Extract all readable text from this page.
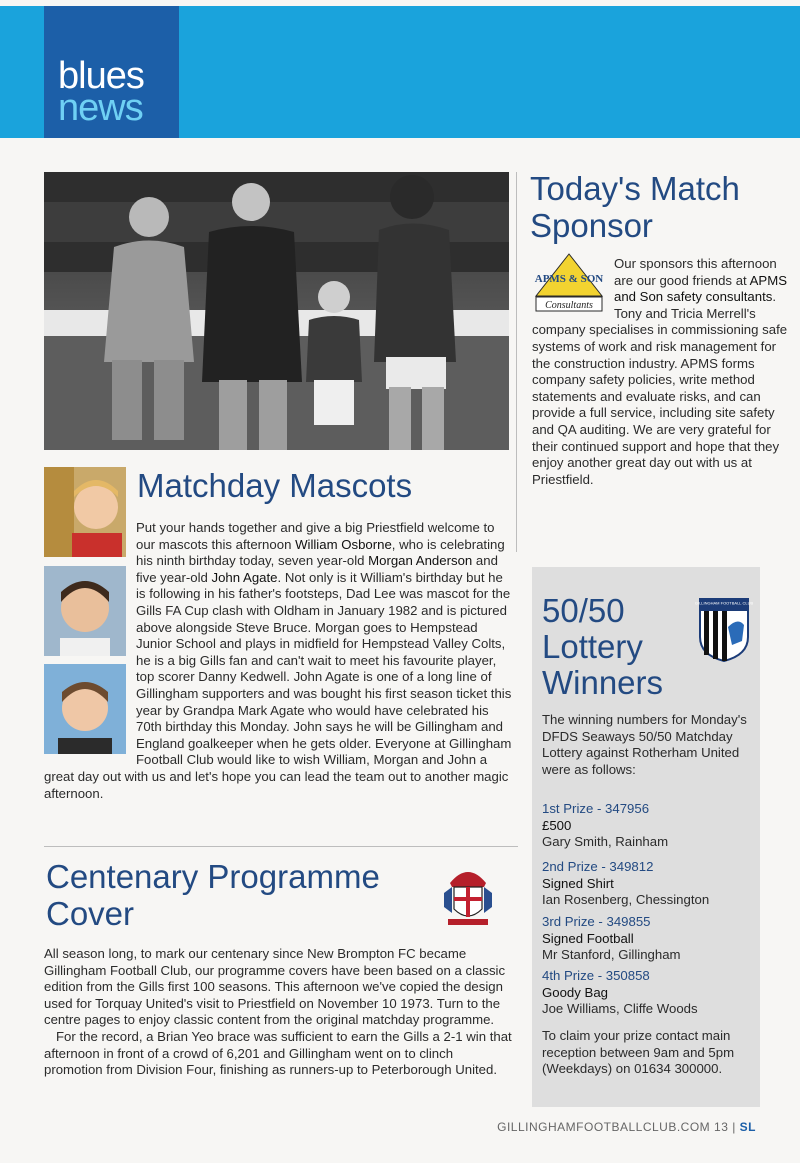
blues
news
Today's Match Sponsor
APMS & SON
Consultants
Our sponsors this afternoon are our good friends at APMS and Son safety consultants. Tony and Tricia Merrell's company specialises in commissioning safe systems of work and risk management for the construction industry. APMS forms company safety policies, write method statements and evaluate risks, and can provide a full service, including site safety and QA auditing. We are very grateful for their continued support and hope that they enjoy another great day out with us at Priestfield.
Matchday Mascots
Put your hands together and give a big Priestfield welcome to our mascots this afternoon William Osborne, who is celebrating his ninth birthday today, seven year-old Morgan Anderson and five year-old John Agate. Not only is it William's birthday but he is following in his father's footsteps, Dad Lee was mascot for the Gills FA Cup clash with Oldham in January 1982 and is pictured above alongside Steve Bruce. Morgan goes to Hempstead Junior School and plays in midfield for Hempstead Valley Colts, he is a big Gills fan and can't wait to meet his favourite player, top scorer Danny Kedwell. John Agate is one of a long line of Gillingham supporters and was bought his first season ticket this year by Grandpa Mark Agate who would have celebrated his 70th birthday this Monday. John says he will be Gillingham and England goalkeeper when he gets older. Everyone at Gillingham Football Club would like to wish William, Morgan and John a great day out with us and let's hope you can lead the team out to another magic afternoon.
Centenary Programme Cover

All season long, to mark our centenary since New Brompton FC became Gillingham Football Club, our programme covers have been based on a classic edition from the Gills first 100 seasons. This afternoon we've copied the design used for Torquay United's visit to Priestfield on November 10 1973. Turn to the centre pages to enjoy classic content from the original matchday programme.

For the record, a Brian Yeo brace was sufficient to earn the Gills a 2-1 win that afternoon in front of a crowd of 6,201 and Gillingham went on to clinch promotion from Division Four, finishing as runners-up to Peterborough United.

50/50 Lottery Winners
GILLINGHAM FOOTBALL CLUB
The winning numbers for Monday's DFDS Seaways 50/50 Matchday Lottery against Rotherham United were as follows:
1st Prize - 347956
£500
Gary Smith, Rainham
2nd Prize - 349812
Signed Shirt
Ian Rosenberg, Chessington
3rd Prize - 349855
Signed Football
Mr Stanford, Gillingham
4th Prize - 350858
Goody Bag
Joe Williams, Cliffe Woods
To claim your prize contact main reception between 9am and 5pm (Weekdays) on 01634 300000.
GILLINGHAMFOOTBALLCLUB.COM 13 | SL
